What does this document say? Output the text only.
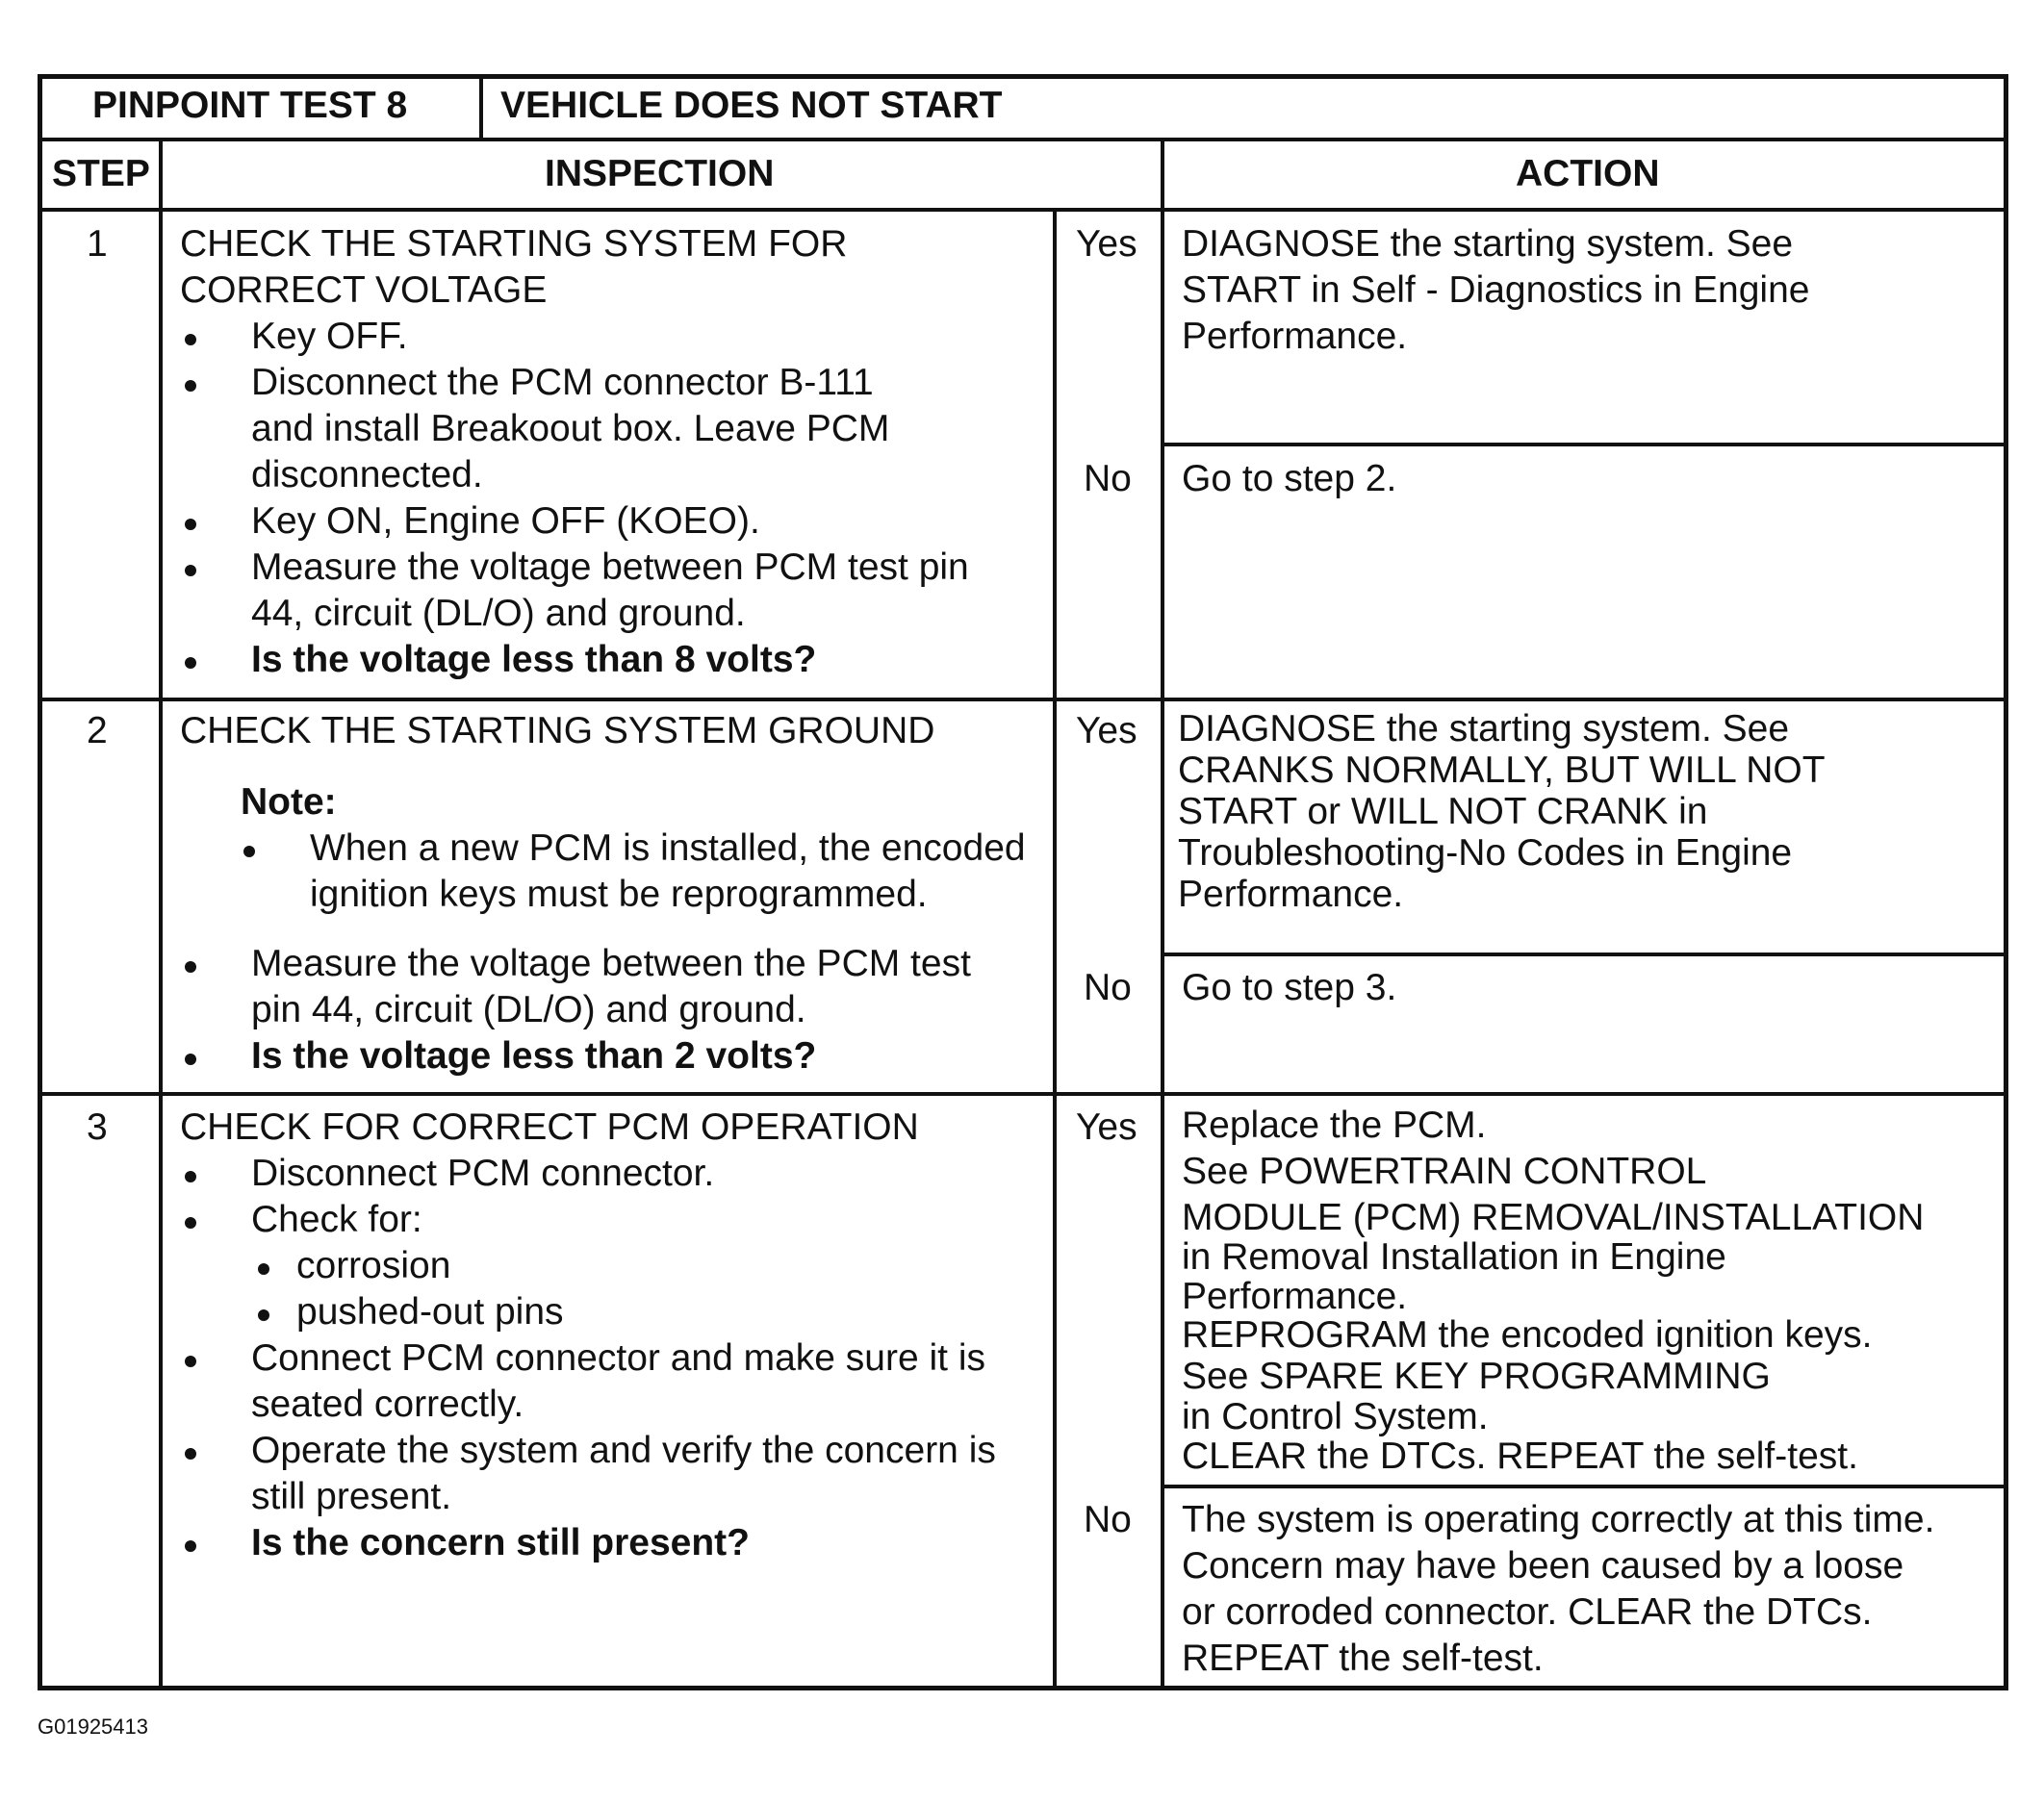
PINPOINT TEST 8 VEHICLE DOES NOT START
STEP	INSPECTION	ACTION
1 CHECK THE STARTING SYSTEM FOR
CORRECT VOLTAGE
Key OFF.
Disconnect the PCM connector B-111
and install Breakoout box. Leave PCM
disconnected.
Key ON, Engine OFF (KOEO).
Measure the voltage between PCM test pin
44, circuit (DL/O) and ground.
Is the voltage less than 8 volts?
Yes DIAGNOSE the starting system. See
START in Self - Diagnostics in Engine
Performance.
No Go to step 2.
2 CHECK THE STARTING SYSTEM GROUND
Note:
When a new PCM is installed, the encoded
ignition keys must be reprogrammed.
Measure the voltage between the PCM test
pin 44, circuit (DL/O) and ground.
Is the voltage less than 2 volts?
Yes DIAGNOSE the starting system. See
CRANKS NORMALLY, BUT WILL NOT
START or WILL NOT CRANK in
Troubleshooting-No Codes in Engine
Performance.
No Go to step 3.
3 CHECK FOR CORRECT PCM OPERATION
Disconnect PCM connector.
Check for:
corrosion
pushed-out pins
Connect PCM connector and make sure it is
seated correctly.
Operate the system and verify the concern is
still present.
Is the concern still present?
Yes Replace the PCM.
See POWERTRAIN CONTROL
MODULE (PCM) REMOVAL/INSTALLATION
in Removal Installation in Engine
Performance.
REPROGRAM the encoded ignition keys.
See SPARE KEY PROGRAMMING
in Control System.
CLEAR the DTCs. REPEAT the self-test.
No The system is operating correctly at this time.
Concern may have been caused by a loose
or corroded connector. CLEAR the DTCs.
REPEAT the self-test.
G01925413
